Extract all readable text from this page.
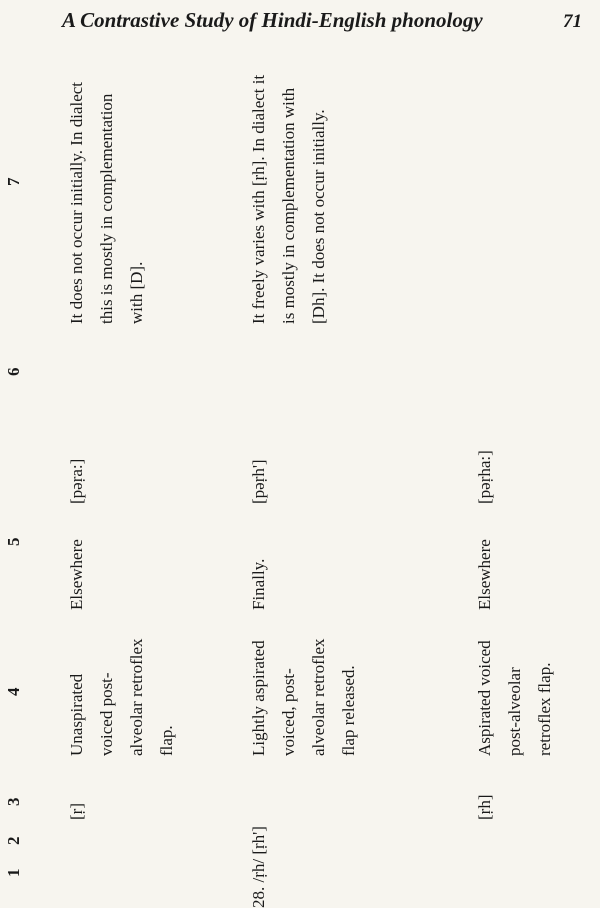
A Contrastive Study of Hindi-English phonology	71
1
2
3
4
5
6
7
[ṛ]
Unaspirated voiced post-alveolar retroflex flap.
Elsewhere
[pəṛa:]
It does not occur initially. In dialect this is mostly in complementation with [D].
28. /ṛh/ [ṛh']
Lightly aspirated voiced, post-alveolar retroflex flap released.
Finally.
[pəṛh']
It freely varies with [ṛh]. In dialect it is mostly in complementation with [Dh]. It does not occur initially.
[ṛh]
Aspirated voiced post-alveolar retroflex flap.
Elsewhere
[pəṛha:]
